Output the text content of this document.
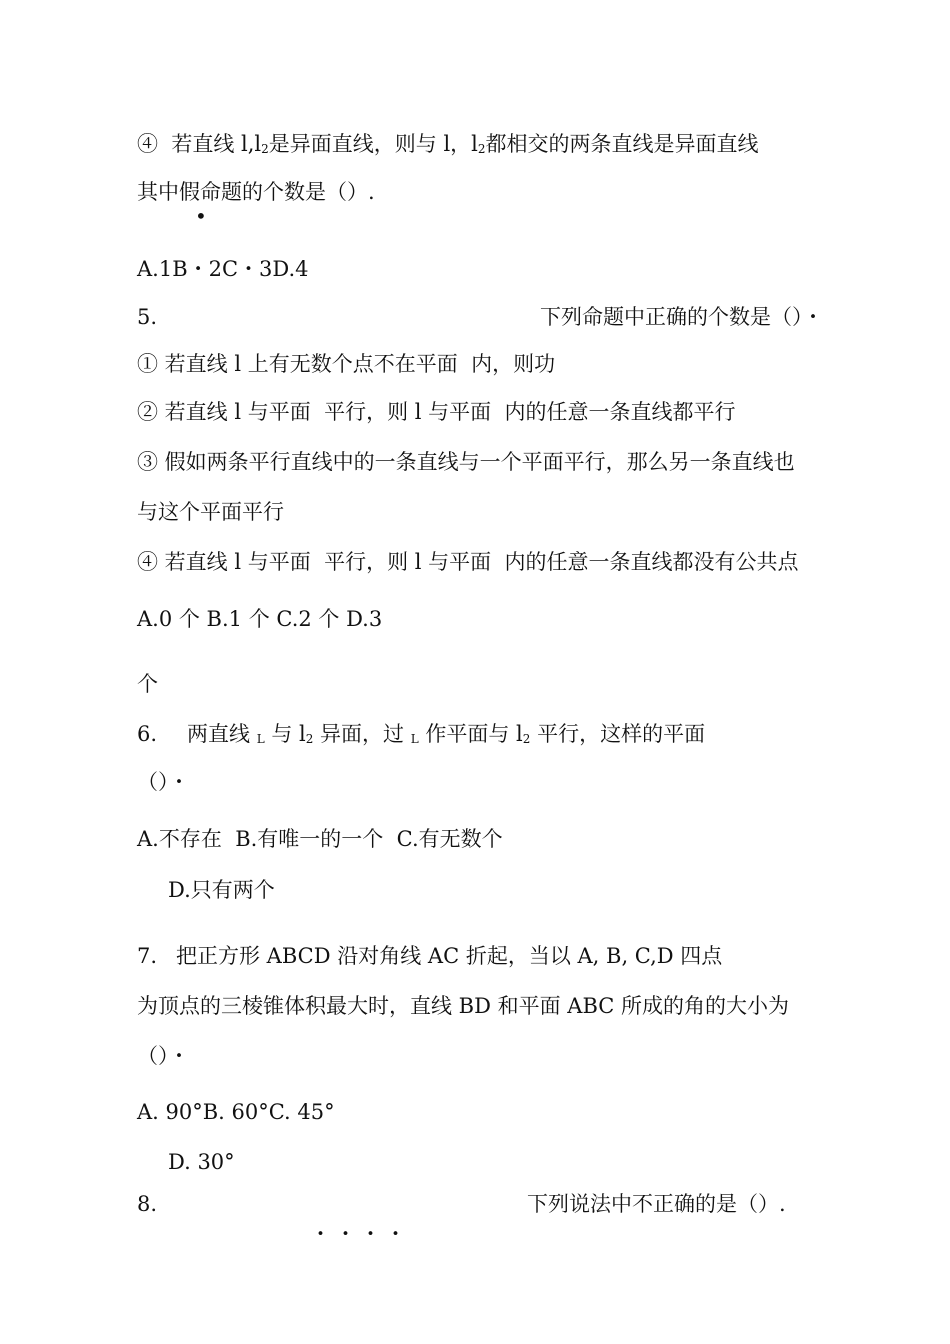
④  若直线 l,l2是异面直线，则与 l，l2都相交的两条直线是异面直线
其中假命题的个数是（）.
•
A.1B・2C・3D.4
5.	下列命题中正确的个数是（）・
① 若直线 l 上有无数个点不在平面  内，则功
② 若直线 l 与平面  平行，则 l 与平面  内的任意一条直线都平行
③ 假如两条平行直线中的一条直线与一个平面平行，那么另一条直线也
与这个平面平行
④ 若直线 l 与平面  平行，则 l 与平面  内的任意一条直线都没有公共点
A.0 个 B.1 个 C.2 个 D.3
个
6. 两直线 L 与 l2 异面，过 L 作平面与 l2 平行，这样的平面
（）・
A.不存在  B.有唯一的一个  C.有无数个
D.只有两个
7. 把正方形 ABCD 沿对角线 AC 折起，当以 A, B, C,D 四点
为顶点的三棱锥体积最大时，直线 BD 和平面 ABC 所成的角的大小为
（）・
A. 90°B. 60°C. 45°
D. 30°
8.	下列说法中不正确的是（）.
・・・・
